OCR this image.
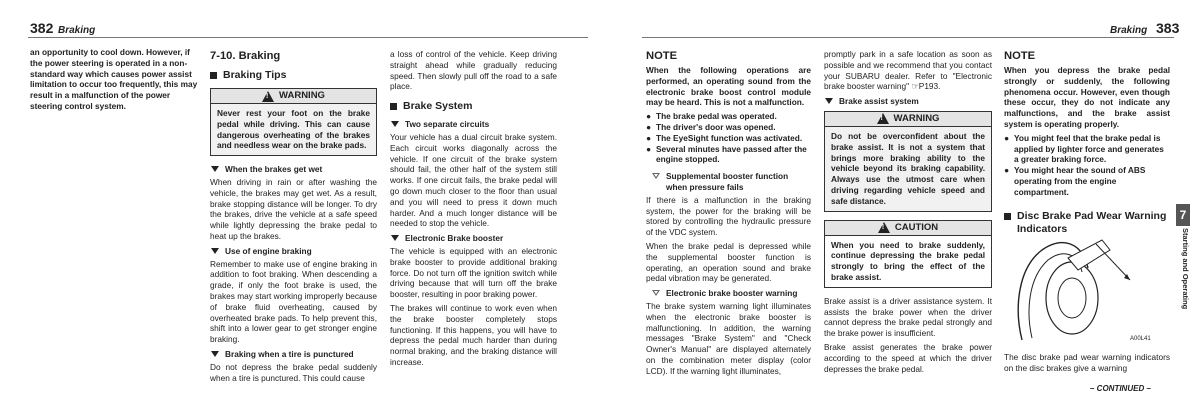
382 Braking

an opportunity to cool down. However, if the power steering is operated in a non-standard way which causes power assist limitation to occur too frequently, this may result in a malfunction of the power steering control system.

7-10. Braking
Braking Tips
! WARNING
Never rest your foot on the brake pedal while driving. This can cause dangerous overheating of the brakes and needless wear on the brake pads.
When the brakes get wet

When driving in rain or after washing the vehicle, the brakes may get wet. As a result, brake stopping distance will be longer. To dry the brakes, drive the vehicle at a safe speed while lightly depressing the brake pedal to heat up the brakes.

Use of engine braking

Remember to make use of engine braking in addition to foot braking. When descending a grade, if only the foot brake is used, the brakes may start working improperly because of brake fluid overheating, caused by overheated brake pads. To help prevent this, shift into a lower gear to get stronger engine braking.

Braking when a tire is punctured

Do not depress the brake pedal suddenly when a tire is punctured. This could cause

a loss of control of the vehicle. Keep driving straight ahead while gradually reducing speed. Then slowly pull off the road to a safe place.

Brake System
Two separate circuits

Your vehicle has a dual circuit brake system. Each circuit works diagonally across the vehicle. If one circuit of the brake system should fail, the other half of the system still works. If one circuit fails, the brake pedal will go down much closer to the floor than usual and you will need to press it down much harder. And a much longer distance will be needed to stop the vehicle.

Electronic Brake booster

The vehicle is equipped with an electronic brake booster to provide additional braking force. Do not turn off the ignition switch while driving because that will turn off the brake booster, resulting in poor braking power.

The brakes will continue to work even when the brake booster completely stops functioning. If this happens, you will have to depress the pedal much harder than during normal braking, and the braking distance will increase.

Braking 383
NOTE

When the following operations are performed, an operating sound from the electronic brake boost control module may be heard. This is not a malfunction.

● The brake pedal was operated.
● The driver's door was opened.
● The EyeSight function was activated.
● Several minutes have passed after the engine stopped.
Supplemental booster function when pressure fails

If there is a malfunction in the braking system, the power for the braking will be stored by controlling the hydraulic pressure of the VDC system.

When the brake pedal is depressed while the supplemental booster function is operating, an operation sound and brake pedal vibration may be generated.

Electronic brake booster warning

The brake system warning light illuminates when the electronic brake booster is malfunctioning. In addition, the warning messages "Brake System" and "Check Owner's Manual" are displayed alternately on the combination meter display (color LCD). If the warning light illuminates,

promptly park in a safe location as soon as possible and we recommend that you contact your SUBARU dealer. Refer to "Electronic brake booster warning" ☞P193.

Brake assist system
! WARNING
Do not be overconfident about the brake assist. It is not a system that brings more braking ability to the vehicle beyond its braking capability. Always use the utmost care when driving regarding vehicle speed and safe distance.
! CAUTION
When you need to brake suddenly, continue depressing the brake pedal strongly to bring the effect of the brake assist.

Brake assist is a driver assistance system. It assists the brake power when the driver cannot depress the brake pedal strongly and the brake power is insufficient.

Brake assist generates the brake power according to the speed at which the driver depresses the brake pedal.

NOTE

When you depress the brake pedal strongly or suddenly, the following phenomena occur. However, even though these occur, they do not indicate any malfunctions, and the brake assist system is operating properly.

● You might feel that the brake pedal is applied by lighter force and generates a greater braking force.
● You might hear the sound of ABS operating from the engine compartment.
Disc Brake Pad Wear Warning Indicators
A00L41

The disc brake pad wear warning indicators on the disc brakes give a warning

– CONTINUED –
7
Starting and Operating
